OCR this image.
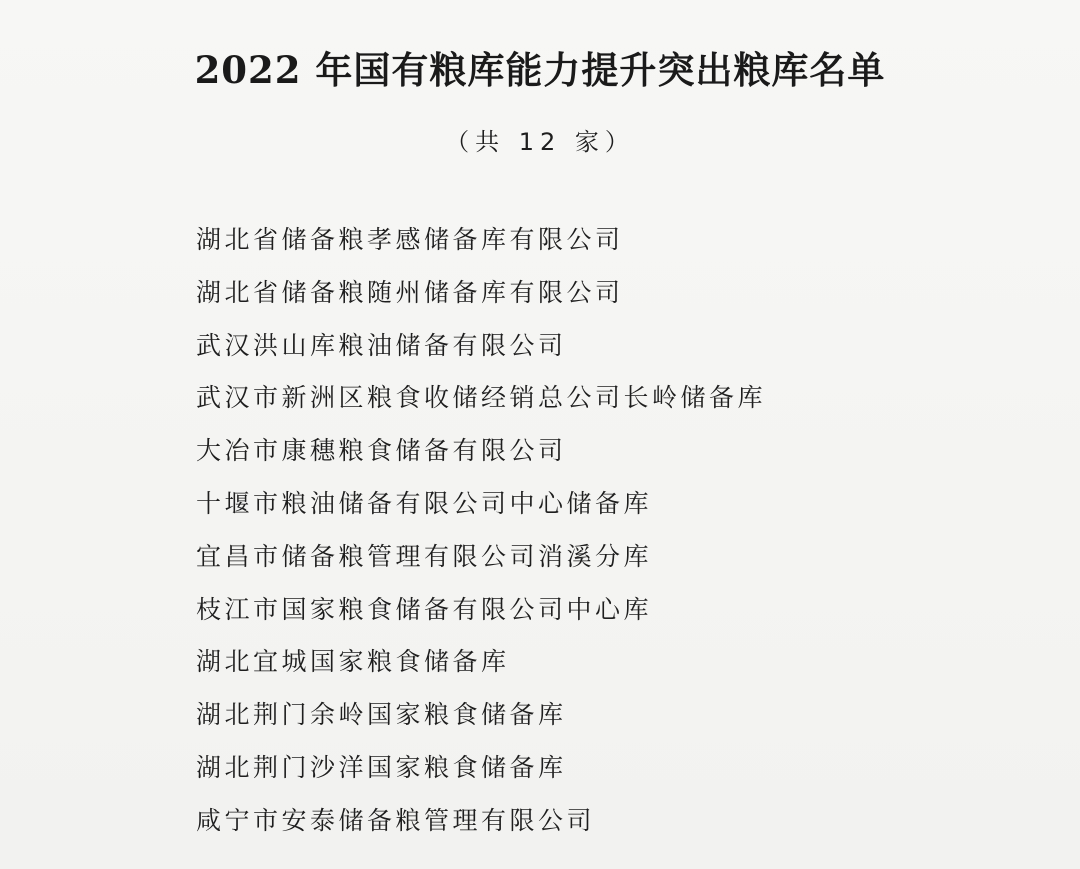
2022 年国有粮库能力提升突出粮库名单
（共 12 家）
湖北省储备粮孝感储备库有限公司
湖北省储备粮随州储备库有限公司
武汉洪山库粮油储备有限公司
武汉市新洲区粮食收储经销总公司长岭储备库
大冶市康穗粮食储备有限公司
十堰市粮油储备有限公司中心储备库
宜昌市储备粮管理有限公司消溪分库
枝江市国家粮食储备有限公司中心库
湖北宜城国家粮食储备库
湖北荆门余岭国家粮食储备库
湖北荆门沙洋国家粮食储备库
咸宁市安泰储备粮管理有限公司
